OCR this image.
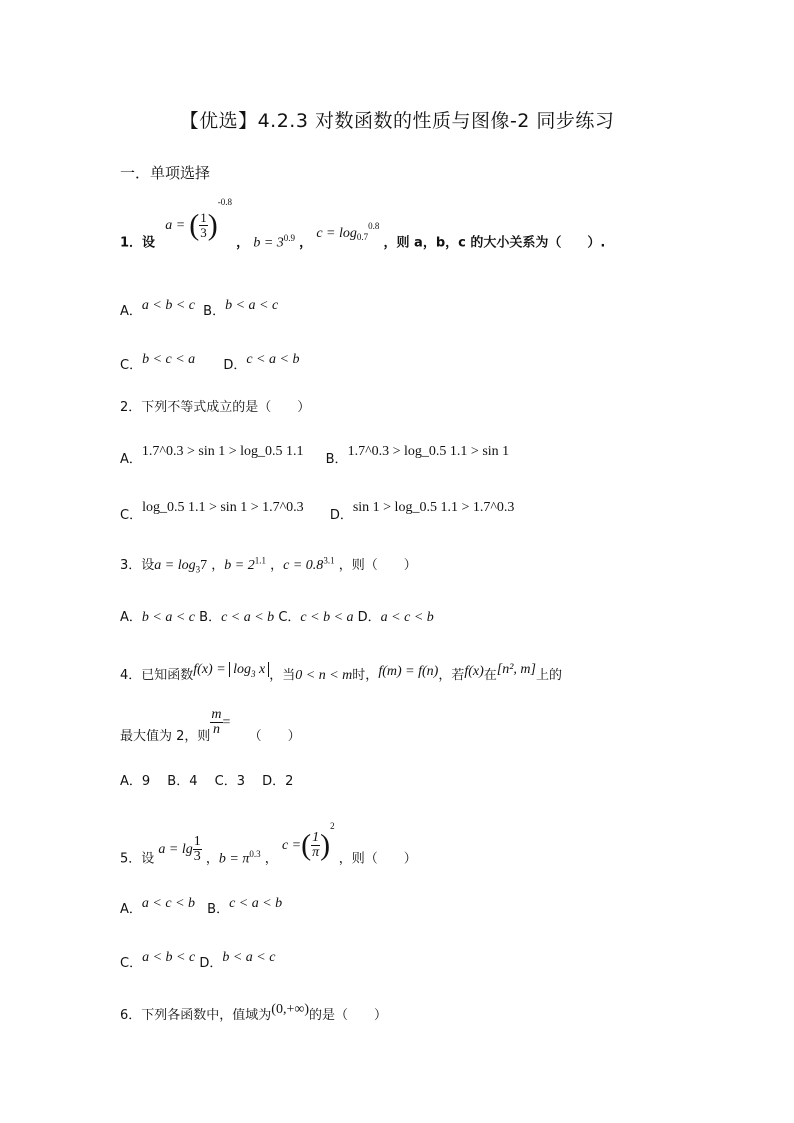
【优选】4.2.3 对数函数的性质与图像-2 同步练习
一．单项选择
1．设 a = ( $\frac{1}{3} )^{-0.8}$ ， $b = 3^{0.9}$ ， $c = \log_{0.7}^{0.8}$ ，则 a，b，c 的大小关系为（　　）.
A．a < b < c B．b < a < c
C．b < c < a D．c < a < b
2．下列不等式成立的是（　　）
A．1.7^0.3 > sin 1 > log_0.5 1.1 B．1.7^0.3 > log_0.5 1.1 > sin 1
C．log_0.5 1.1 > sin 1 > 1.7^0.3 D．sin 1 > log_0.5 1.1 > 1.7^0.3
3．设$a = \log_37$ ，$b = 2^{1.1}$ ，$c = 0.8^{3.1}$ ，则（　　）
A．b < a < c B．c < a < b C．c < b < a D．a < c < b
4．已知函数$f(x) = \log_3 x$ ，当0 < n < m时，f(m) = f(n)，若f(x)在[n², m]上的
最大值为 2，则 $\frac{m}{n}$ = （　　）
A．9　 B．4　 C．3　 D．2
5．设 $a = \lg \frac{1}{3}$ ，$b = \pi^{0.3}$ ， c =( $\frac{1}{\pi} )^2$ ，则（　　）
A．a < c < b B．c < a < b
C．a < b < c D．b < a < c
6．下列各函数中，值域为(0,+∞)的是（　　）
